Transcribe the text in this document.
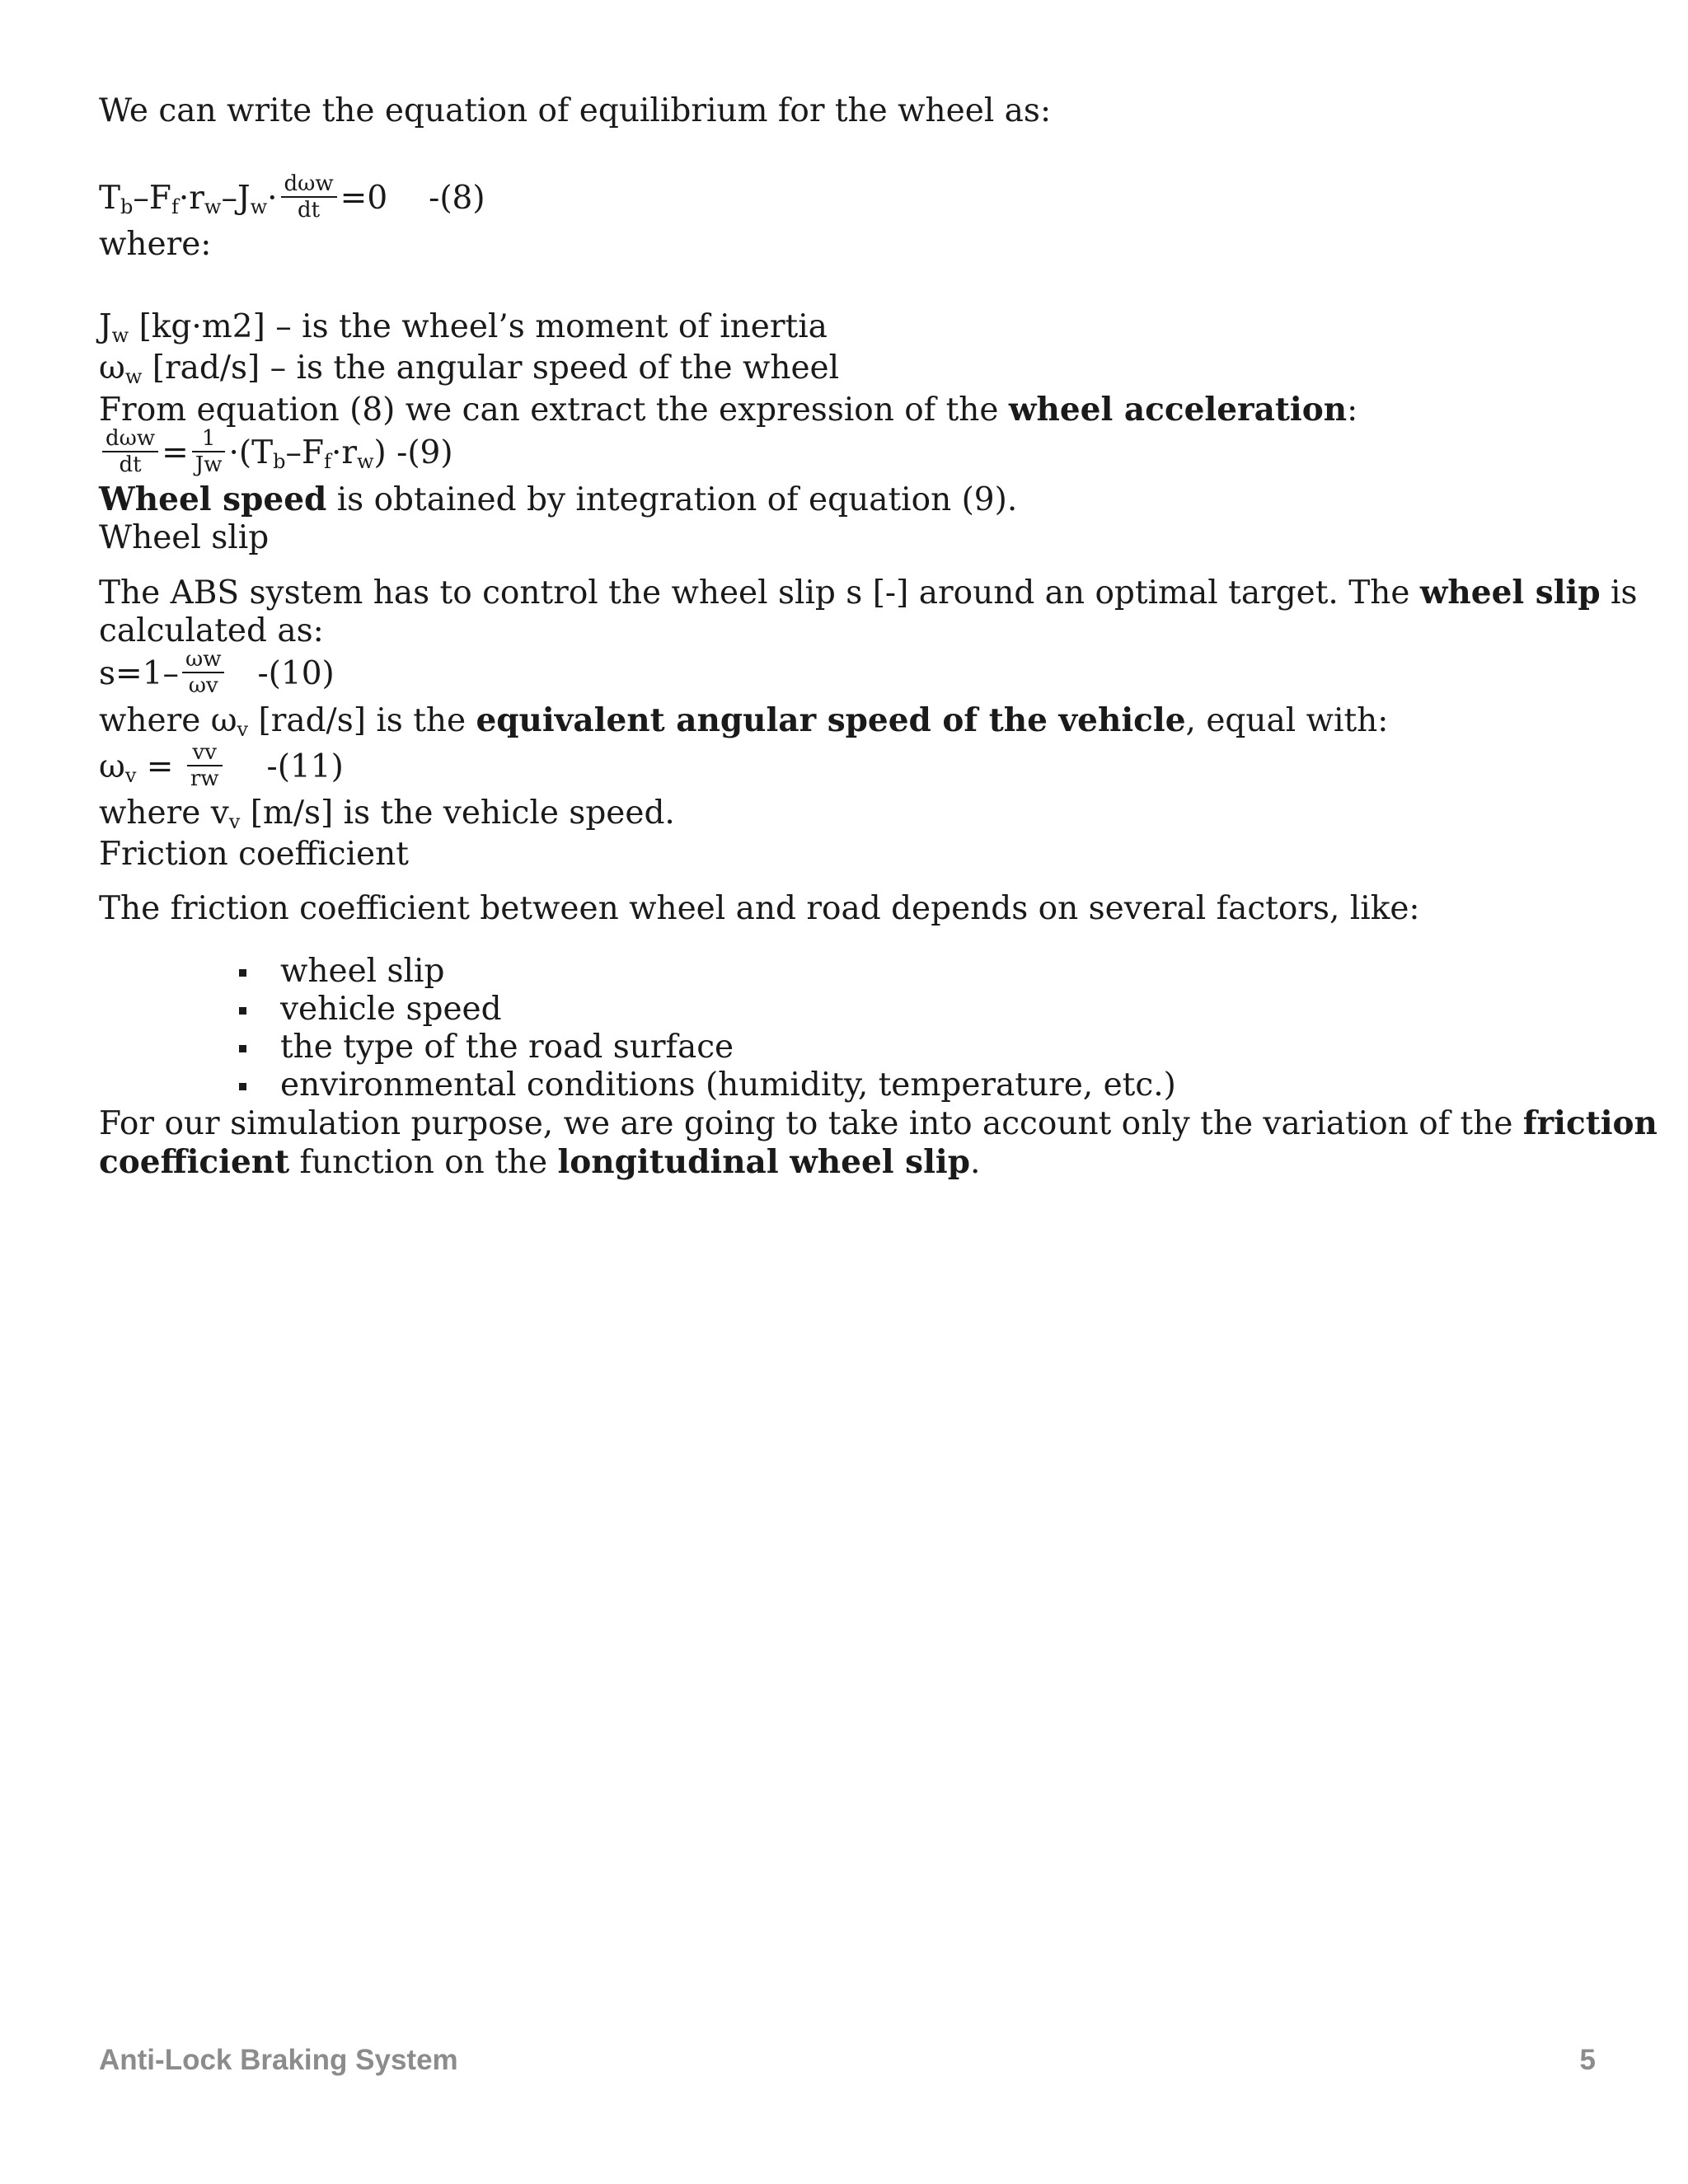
We can write the equation of equilibrium for the wheel as:
$T_b-F_f\cdot r_w-J_w\cdot \frac{\text{dωw}}{dt} =0$ -(8)
where:
$J_w$ [kg·m2] – is the wheel’s moment of inertia
$\omega_w$ [rad/s] – is the angular speed of the wheel
From equation (8) we can extract the expression of the wheel acceleration:
$\frac{\text{dωw}}{dt} = \frac{1}{Jw} \cdot(T_b-F_f\cdot r_w)$ -(9)
Wheel speed is obtained by integration of equation (9).
Wheel slip
The ABS system has to control the wheel slip s [-] around an optimal target. The wheel slip is
calculated as:
$s=1- \frac{\omega w}{\omega v} -(10)$
where $\omega_v$ [rad/s] is the equivalent angular speed of the vehicle, equal with:
$\omega_v = \frac{vv}{rw} -(11)$
where $v_v$ [m/s] is the vehicle speed.
Friction coefficient
The friction coefficient between wheel and road depends on several factors, like:
wheel slip
vehicle speed
the type of the road surface
environmental conditions (humidity, temperature, etc.)
For our simulation purpose, we are going to take into account only the variation of the friction
coefficient function on the longitudinal wheel slip.
Anti-Lock Braking System	5
